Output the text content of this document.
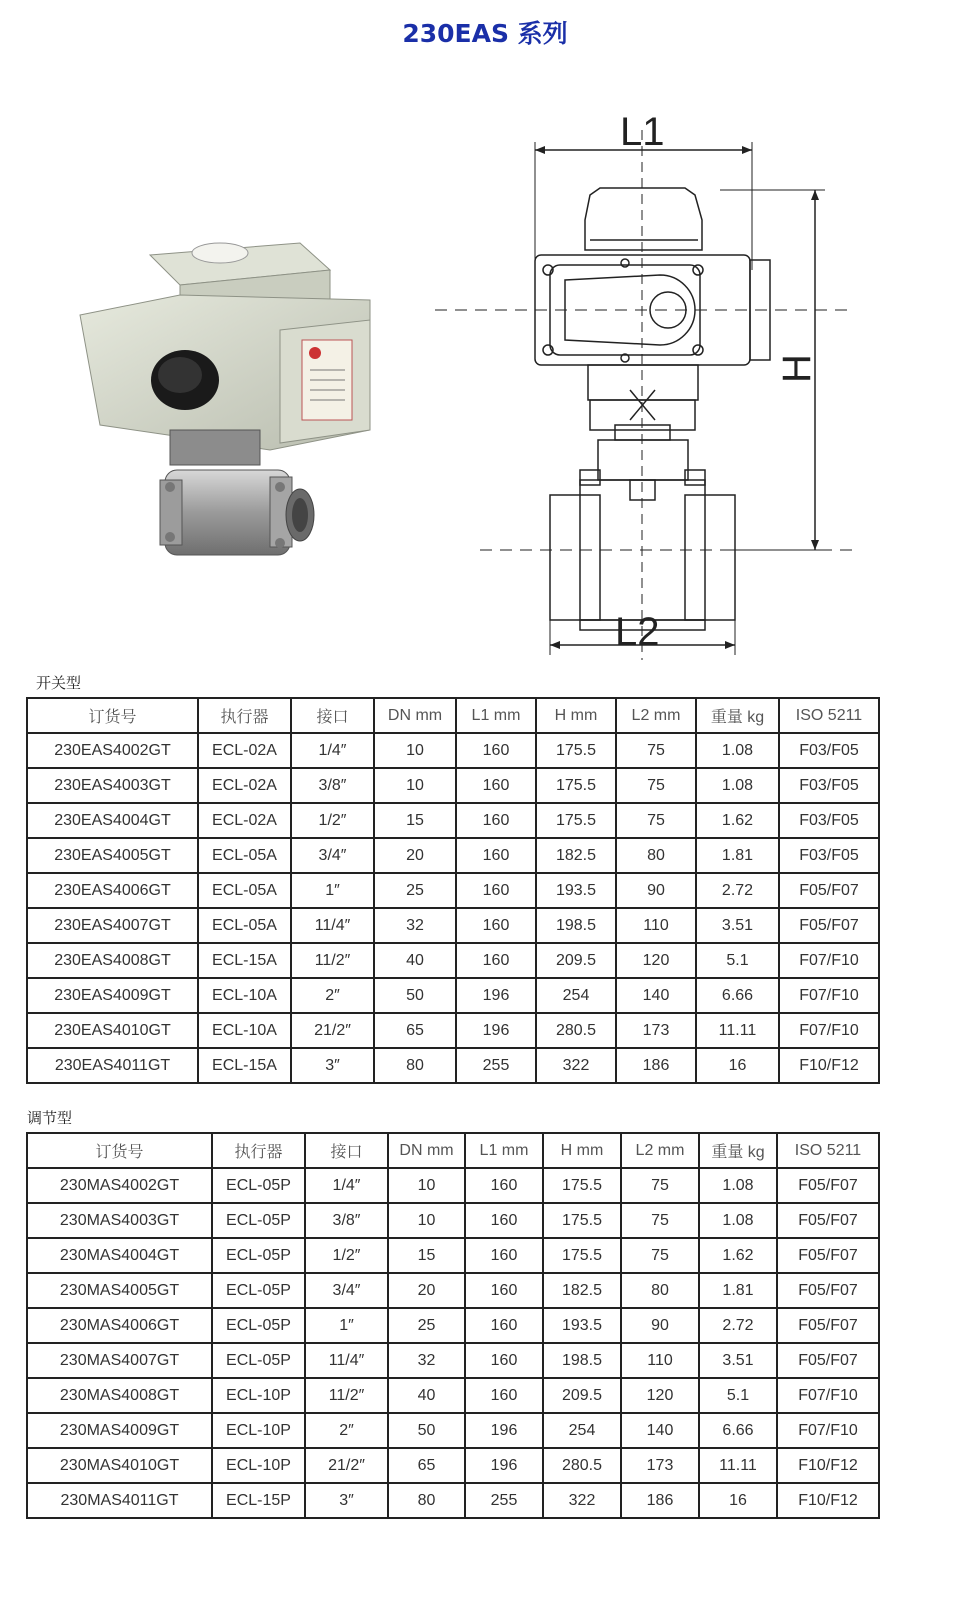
230EAS 系列
L1
H
L2
开关型
订货号	执行器	接口	DN mm	L1 mm	H mm	L2 mm	重量 kg	ISO 5211
230EAS4002GT	ECL-02A	1/4″	10	160	175.5	75	1.08	F03/F05
230EAS4003GT	ECL-02A	3/8″	10	160	175.5	75	1.08	F03/F05
230EAS4004GT	ECL-02A	1/2″	15	160	175.5	75	1.62	F03/F05
230EAS4005GT	ECL-05A	3/4″	20	160	182.5	80	1.81	F03/F05
230EAS4006GT	ECL-05A	1″	25	160	193.5	90	2.72	F05/F07
230EAS4007GT	ECL-05A	11/4″	32	160	198.5	110	3.51	F05/F07
230EAS4008GT	ECL-15A	11/2″	40	160	209.5	120	5.1	F07/F10
230EAS4009GT	ECL-10A	2″	50	196	254	140	6.66	F07/F10
230EAS4010GT	ECL-10A	21/2″	65	196	280.5	173	11.11	F07/F10
230EAS4011GT	ECL-15A	3″	80	255	322	186	16	F10/F12
调节型
订货号	执行器	接口	DN mm	L1 mm	H mm	L2 mm	重量 kg	ISO 5211
230MAS4002GT	ECL-05P	1/4″	10	160	175.5	75	1.08	F05/F07
230MAS4003GT	ECL-05P	3/8″	10	160	175.5	75	1.08	F05/F07
230MAS4004GT	ECL-05P	1/2″	15	160	175.5	75	1.62	F05/F07
230MAS4005GT	ECL-05P	3/4″	20	160	182.5	80	1.81	F05/F07
230MAS4006GT	ECL-05P	1″	25	160	193.5	90	2.72	F05/F07
230MAS4007GT	ECL-05P	11/4″	32	160	198.5	110	3.51	F05/F07
230MAS4008GT	ECL-10P	11/2″	40	160	209.5	120	5.1	F07/F10
230MAS4009GT	ECL-10P	2″	50	196	254	140	6.66	F07/F10
230MAS4010GT	ECL-10P	21/2″	65	196	280.5	173	11.11	F10/F12
230MAS4011GT	ECL-15P	3″	80	255	322	186	16	F10/F12
